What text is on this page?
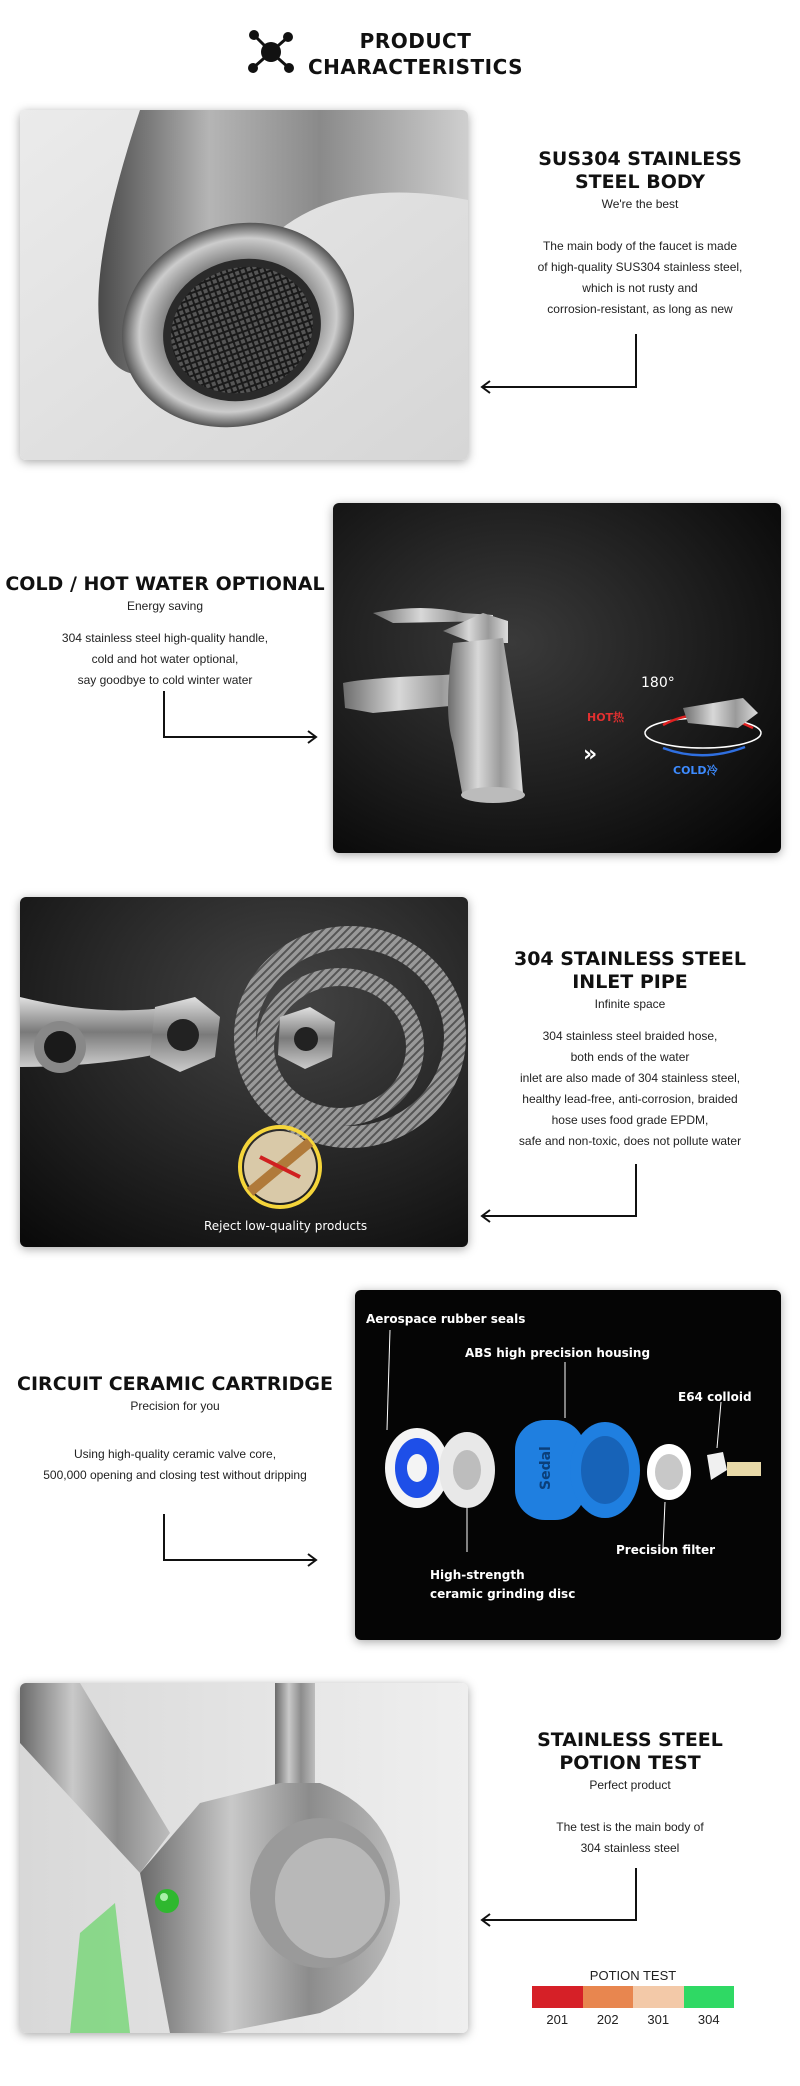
PRODUCT
CHARACTERISTICS
SUS304 STAINLESS
STEEL BODY
We're the best
The main body of the faucet is made
of high-quality SUS304 stainless steel,
which is not rusty and
corrosion-resistant, as long as new
COLD / HOT WATER OPTIONAL
Energy saving
304 stainless steel high-quality handle,
cold and hot water optional,
say goodbye to cold winter water
»
180°
HOT热
COLD冷
Reject low-quality products
304 STAINLESS STEEL
INLET PIPE
Infinite space
304 stainless steel braided hose,
both ends of the water
inlet are also made of 304 stainless steel,
healthy lead-free, anti-corrosion, braided
hose uses food grade EPDM,
safe and non-toxic, does not pollute water
CIRCUIT CERAMIC CARTRIDGE
Precision for you
Using high-quality ceramic valve core,
500,000 opening and closing test without dripping	Sedal
Aerospace rubber seals
ABS high precision housing
E64 colloid
Precision filter
High-strength
ceramic grinding disc
STAINLESS STEEL
POTION TEST
Perfect product
The test is the main body of
304 stainless steel
POTION TEST
201	202	301	304
